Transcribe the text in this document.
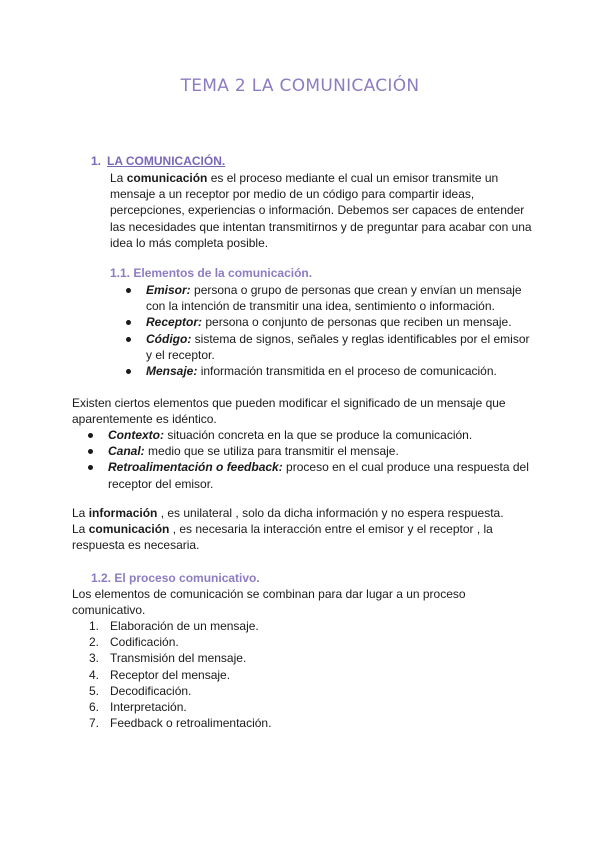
TEMA 2 LA COMUNICACIÓN
1. LA COMUNICACIÓN.

La comunicación es el proceso mediante el cual un emisor transmite un mensaje a un receptor por medio de un código para compartir ideas, percepciones, experiencias o información. Debemos ser capaces de entender las necesidades que intentan transmitirnos y de preguntar para acabar con una idea lo más completa posible.

1.1. Elementos de la comunicación.
Emisor: persona o grupo de personas que crean y envían un mensaje con la intención de transmitir una idea, sentimiento o información.
Receptor: persona o conjunto de personas que reciben un mensaje.
Código: sistema de signos, señales y reglas identificables por el emisor y el receptor.
Mensaje: información transmitida en el proceso de comunicación.

Existen ciertos elementos que pueden modificar el significado de un mensaje que aparentemente es idéntico.

Contexto: situación concreta en la que se produce la comunicación.
Canal: medio que se utiliza para transmitir el mensaje.
Retroalimentación o feedback: proceso en el cual produce una respuesta del receptor del emisor.

La información , es unilateral , solo da dicha información y no espera respuesta.

La comunicación , es necesaria la interacción entre el emisor y el receptor , la respuesta es necesaria.

1.2. El proceso comunicativo.

Los elementos de comunicación se combinan para dar lugar a un proceso comunicativo.

1. Elaboración de un mensaje.
2. Codificación.
3. Transmisión del mensaje.
4. Receptor del mensaje.
5. Decodificación.
6. Interpretación.
7. Feedback o retroalimentación.
